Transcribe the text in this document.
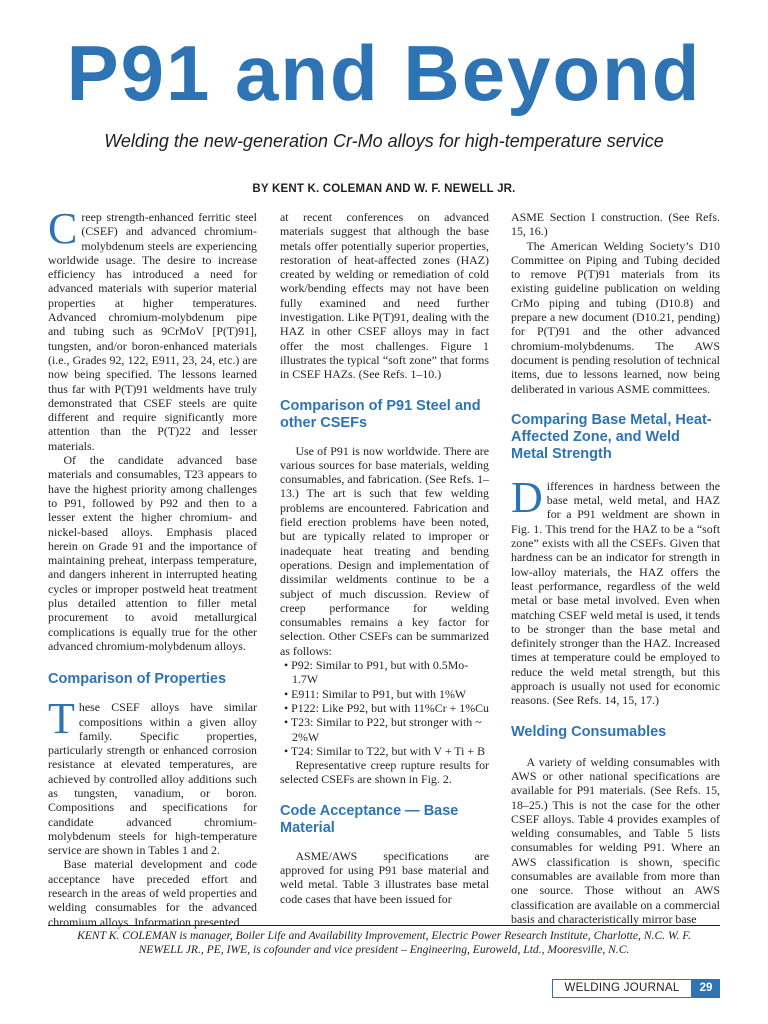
P91 and Beyond
Welding the new-generation Cr-Mo alloys for high-temperature service
BY KENT K. COLEMAN AND W. F. NEWELL JR.

Creep strength-enhanced ferritic steel (CSEF) and advanced chromium-molybdenum steels are experiencing worldwide usage. The desire to increase efficiency has introduced a need for advanced materials with superior material properties at higher temperatures. Advanced chromium-molybdenum pipe and tubing such as 9CrMoV [P(T)91], tungsten, and/or boron-enhanced materials (i.e., Grades 92, 122, E911, 23, 24, etc.) are now being specified. The lessons learned thus far with P(T)91 weldments have truly demonstrated that CSEF steels are quite different and require significantly more attention than the P(T)22 and lesser materials.

Of the candidate advanced base materials and consumables, T23 appears to have the highest priority among challenges to P91, followed by P92 and then to a lesser extent the higher chromium- and nickel-based alloys. Emphasis placed herein on Grade 91 and the importance of maintaining preheat, interpass temperature, and dangers inherent in interrupted heating cycles or improper postweld heat treatment plus detailed attention to filler metal procurement to avoid metallurgical complications is equally true for the other advanced chromium-molybdenum alloys.

Comparison of Properties

These CSEF alloys have similar compositions within a given alloy family. Specific properties, particularly strength or enhanced corrosion resistance at elevated temperatures, are achieved by controlled alloy additions such as tungsten, vanadium, or boron. Compositions and specifications for candidate advanced chromium-molybdenum steels for high-temperature service are shown in Tables 1 and 2.

Base material development and code acceptance have preceded effort and research in the areas of weld properties and welding consumables for the advanced chromium alloys. Information presented

at recent conferences on advanced materials suggest that although the base metals offer potentially superior properties, restoration of heat-affected zones (HAZ) created by welding or remediation of cold work/bending effects may not have been fully examined and need further investigation. Like P(T)91, dealing with the HAZ in other CSEF alloys may in fact offer the most challenges. Figure 1 illustrates the typical “soft zone” that forms in CSEF HAZs. (See Refs. 1–10.)

Comparison of P91 Steel and other CSEFs

Use of P91 is now worldwide. There are various sources for base materials, welding consumables, and fabrication. (See Refs. 1–13.) The art is such that few welding problems are encountered. Fabrication and field erection problems have been noted, but are typically related to improper or inadequate heat treating and bending operations. Design and implementation of dissimilar weldments continue to be a subject of much discussion. Review of creep performance for welding consumables remains a key factor for selection. Other CSEFs can be summarized as follows:

• P92: Similar to P91, but with 0.5Mo-1.7W
• E911: Similar to P91, but with 1%W
• P122: Like P92, but with 11%Cr + 1%Cu
• T23: Similar to P22, but stronger with ~ 2%W
• T24: Similar to T22, but with V + Ti + B

Representative creep rupture results for selected CSEFs are shown in Fig. 2.

Code Acceptance — Base Material

ASME/AWS specifications are approved for using P91 base material and weld metal. Table 3 illustrates base metal code cases that have been issued for

ASME Section I construction. (See Refs. 15, 16.)

The American Welding Society’s D10 Committee on Piping and Tubing decided to remove P(T)91 materials from its existing guideline publication on welding CrMo piping and tubing (D10.8) and prepare a new document (D10.21, pending) for P(T)91 and the other advanced chromium-molybdenums. The AWS document is pending resolution of technical items, due to lessons learned, now being deliberated in various ASME committees.

Comparing Base Metal, Heat-Affected Zone, and Weld Metal Strength

Differences in hardness between the base metal, weld metal, and HAZ for a P91 weldment are shown in Fig. 1. This trend for the HAZ to be a “soft zone” exists with all the CSEFs. Given that hardness can be an indicator for strength in low-alloy materials, the HAZ offers the least performance, regardless of the weld metal or base metal involved. Even when matching CSEF weld metal is used, it tends to be stronger than the base metal and definitely stronger than the HAZ. Increased times at temperature could be employed to reduce the weld metal strength, but this approach is usually not used for economic reasons. (See Refs. 14, 15, 17.)

Welding Consumables

A variety of welding consumables with AWS or other national specifications are available for P91 materials. (See Refs. 15, 18–25.) This is not the case for the other CSEF alloys. Table 4 provides examples of welding consumables, and Table 5 lists consumables for welding P91. Where an AWS classification is shown, specific consumables are available from more than one source. Those without an AWS classification are available on a commercial basis and characteristically mirror base

KENT K. COLEMAN is manager, Boiler Life and Availability Improvement, Electric Power Research Institute, Charlotte, N.C. W. F. NEWELL JR., PE, IWE, is cofounder and vice president – Engineering, Euroweld, Ltd., Mooresville, N.C.
WELDING JOURNAL	29
